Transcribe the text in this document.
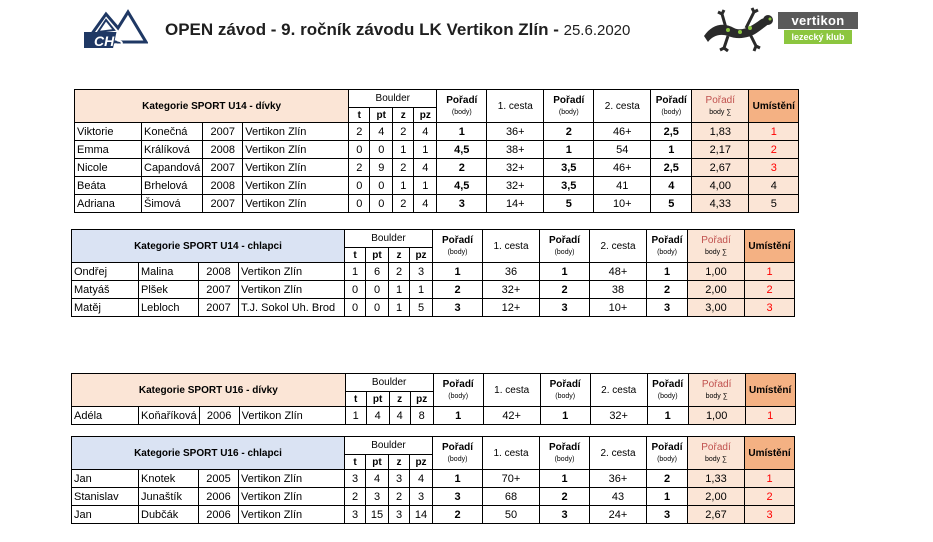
CHS
OPEN závod - 9. ročník závodu LK Vertikon Zlín - 25.6.2020
vertikon
lezecký klub
Kategorie SPORT U14 - dívky				Boulder				Pořadí
(body)	1. cesta	Pořadí
(body)	2. cesta	Pořadí
(body)	Pořadí
body ∑	Umístění
				t	pt	z	pz							
Viktorie	Konečná	2007	Vertikon Zlín	2	4	2	4	1	36+	2	46+	2,5	1,83	1
Emma	Králíková	2008	Vertikon Zlín	0	0	1	1	4,5	38+	1	54	1	2,17	2
Nicole	Capandová	2007	Vertikon Zlín	2	9	2	4	2	32+	3,5	46+	2,5	2,67	3
Beáta	Brhelová	2008	Vertikon Zlín	0	0	1	1	4,5	32+	3,5	41	4	4,00	4
Adriana	Šimová	2007	Vertikon Zlín	0	0	2	4	3	14+	5	10+	5	4,33	5
Kategorie SPORT U14 - chlapci				Boulder				Pořadí
(body)	1. cesta	Pořadí
(body)	2. cesta	Pořadí
(body)	Pořadí
body ∑	Umístění
				t	pt	z	pz							
Ondřej	Malina	2008	Vertikon Zlín	1	6	2	3	1	36	1	48+	1	1,00	1
Matyáš	Plšek	2007	Vertikon Zlín	0	0	1	1	2	32+	2	38	2	2,00	2
Matěj	Lebloch	2007	T.J. Sokol Uh. Brod	0	0	1	5	3	12+	3	10+	3	3,00	3
Kategorie SPORT U16 - dívky				Boulder				Pořadí
(body)	1. cesta	Pořadí
(body)	2. cesta	Pořadí
(body)	Pořadí
body ∑	Umístění
				t	pt	z	pz							
Adéla	Koňaříková	2006	Vertikon Zlín	1	4	4	8	1	42+	1	32+	1	1,00	1
Kategorie SPORT U16 - chlapci				Boulder				Pořadí
(body)	1. cesta	Pořadí
(body)	2. cesta	Pořadí
(body)	Pořadí
body ∑	Umístění
				t	pt	z	pz							
Jan	Knotek	2005	Vertikon Zlín	3	4	3	4	1	70+	1	36+	2	1,33	1
Stanislav	Junaštík	2006	Vertikon Zlín	2	3	2	3	3	68	2	43	1	2,00	2
Jan	Dubčák	2006	Vertikon Zlín	3	15	3	14	2	50	3	24+	3	2,67	3
